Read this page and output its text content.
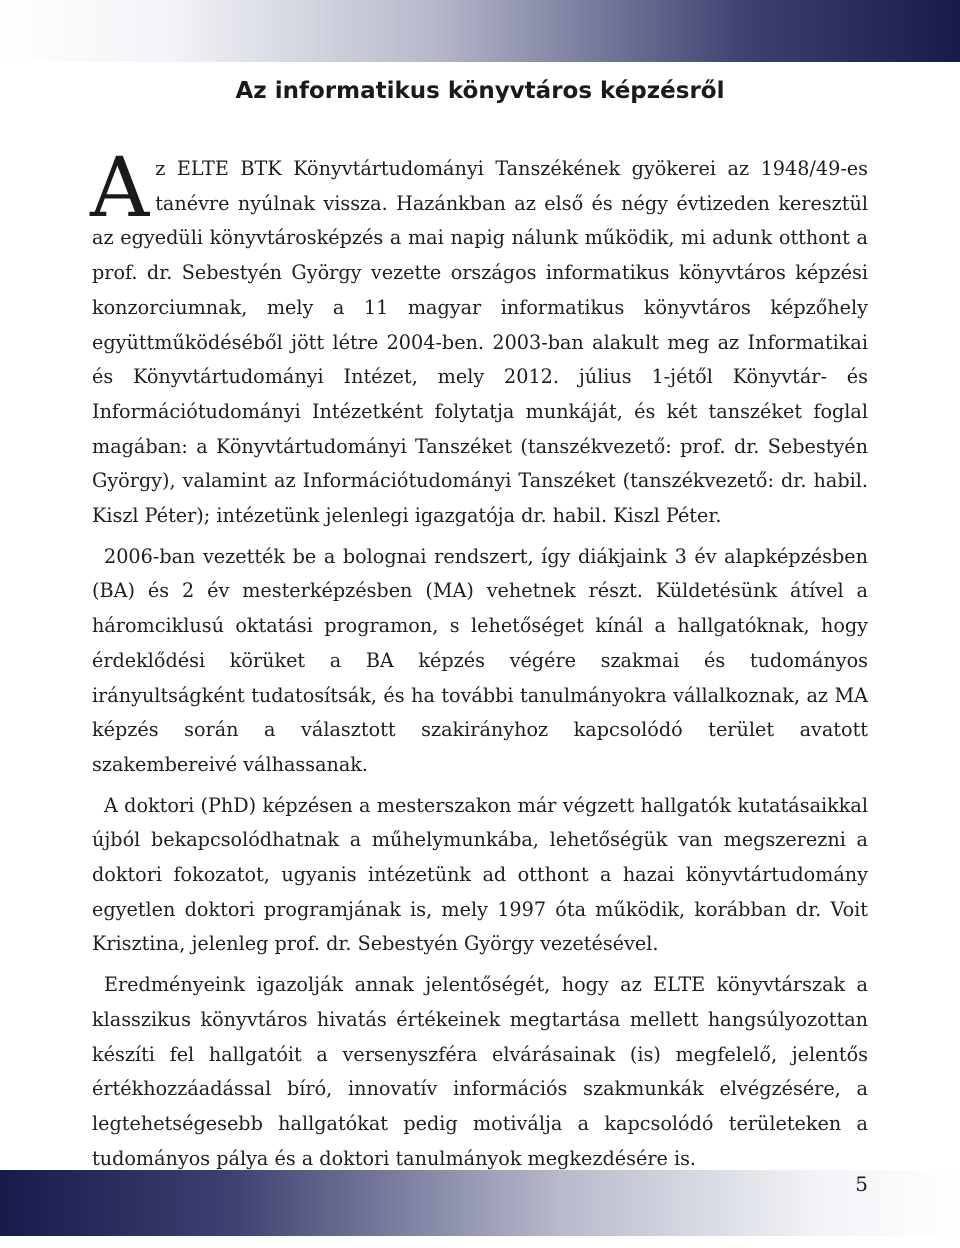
Az informatikus könyvtáros képzésről

Az ELTE BTK Könyvtártudományi Tanszékének gyökerei az 1948/49-es tanévre nyúlnak vissza. Hazánkban az első és négy évtizeden keresztül az egyedüli könyvtárosképzés a mai napig nálunk működik, mi adunk otthont a prof. dr. Sebestyén György vezette országos informatikus könyvtáros képzési konzorciumnak, mely a 11 magyar informatikus könyvtáros képzőhely együttműködéséből jött létre 2004-ben. 2003-ban alakult meg az Informatikai és Könyvtártudományi Intézet, mely 2012. július 1-jétől Könyvtár- és Információtudományi Intézetként folytatja munkáját, és két tanszéket foglal magában: a Könyvtártudományi Tanszéket (tanszékvezető: prof. dr. Sebestyén György), valamint az Információtudományi Tanszéket (tanszékvezető: dr. habil. Kiszl Péter); intézetünk jelenlegi igazgatója dr. habil. Kiszl Péter.

2006-ban vezették be a bolognai rendszert, így diákjaink 3 év alapképzésben (BA) és 2 év mesterképzésben (MA) vehetnek részt. Küldetésünk átível a háromciklusú oktatási programon, s lehetőséget kínál a hallgatóknak, hogy érdeklődési körüket a BA képzés végére szakmai és tudományos irányultságként tudatosítsák, és ha további tanulmányokra vállalkoznak, az MA képzés során a választott szakirányhoz kapcsolódó terület avatott szakembereivé válhassanak.

A doktori (PhD) képzésen a mesterszakon már végzett hallgatók kutatásaikkal újból bekapcsolódhatnak a műhelymunkába, lehetőségük van megszerezni a doktori fokozatot, ugyanis intézetünk ad otthont a hazai könyvtártudomány egyetlen doktori programjának is, mely 1997 óta működik, korábban dr. Voit Krisztina, jelenleg prof. dr. Sebestyén György vezetésével.

Eredményeink igazolják annak jelentőségét, hogy az ELTE könyvtárszak a klasszikus könyvtáros hivatás értékeinek megtartása mellett hangsúlyozottan készíti fel hallgatóit a versenyszféra elvárásainak (is) megfelelő, jelentős értékhozzáadással bíró, innovatív információs szakmunkák elvégzésére, a legtehetségesebb hallgatókat pedig motiválja a kapcsolódó területeken a tudományos pálya és a doktori tanulmányok megkezdésére is.

5
